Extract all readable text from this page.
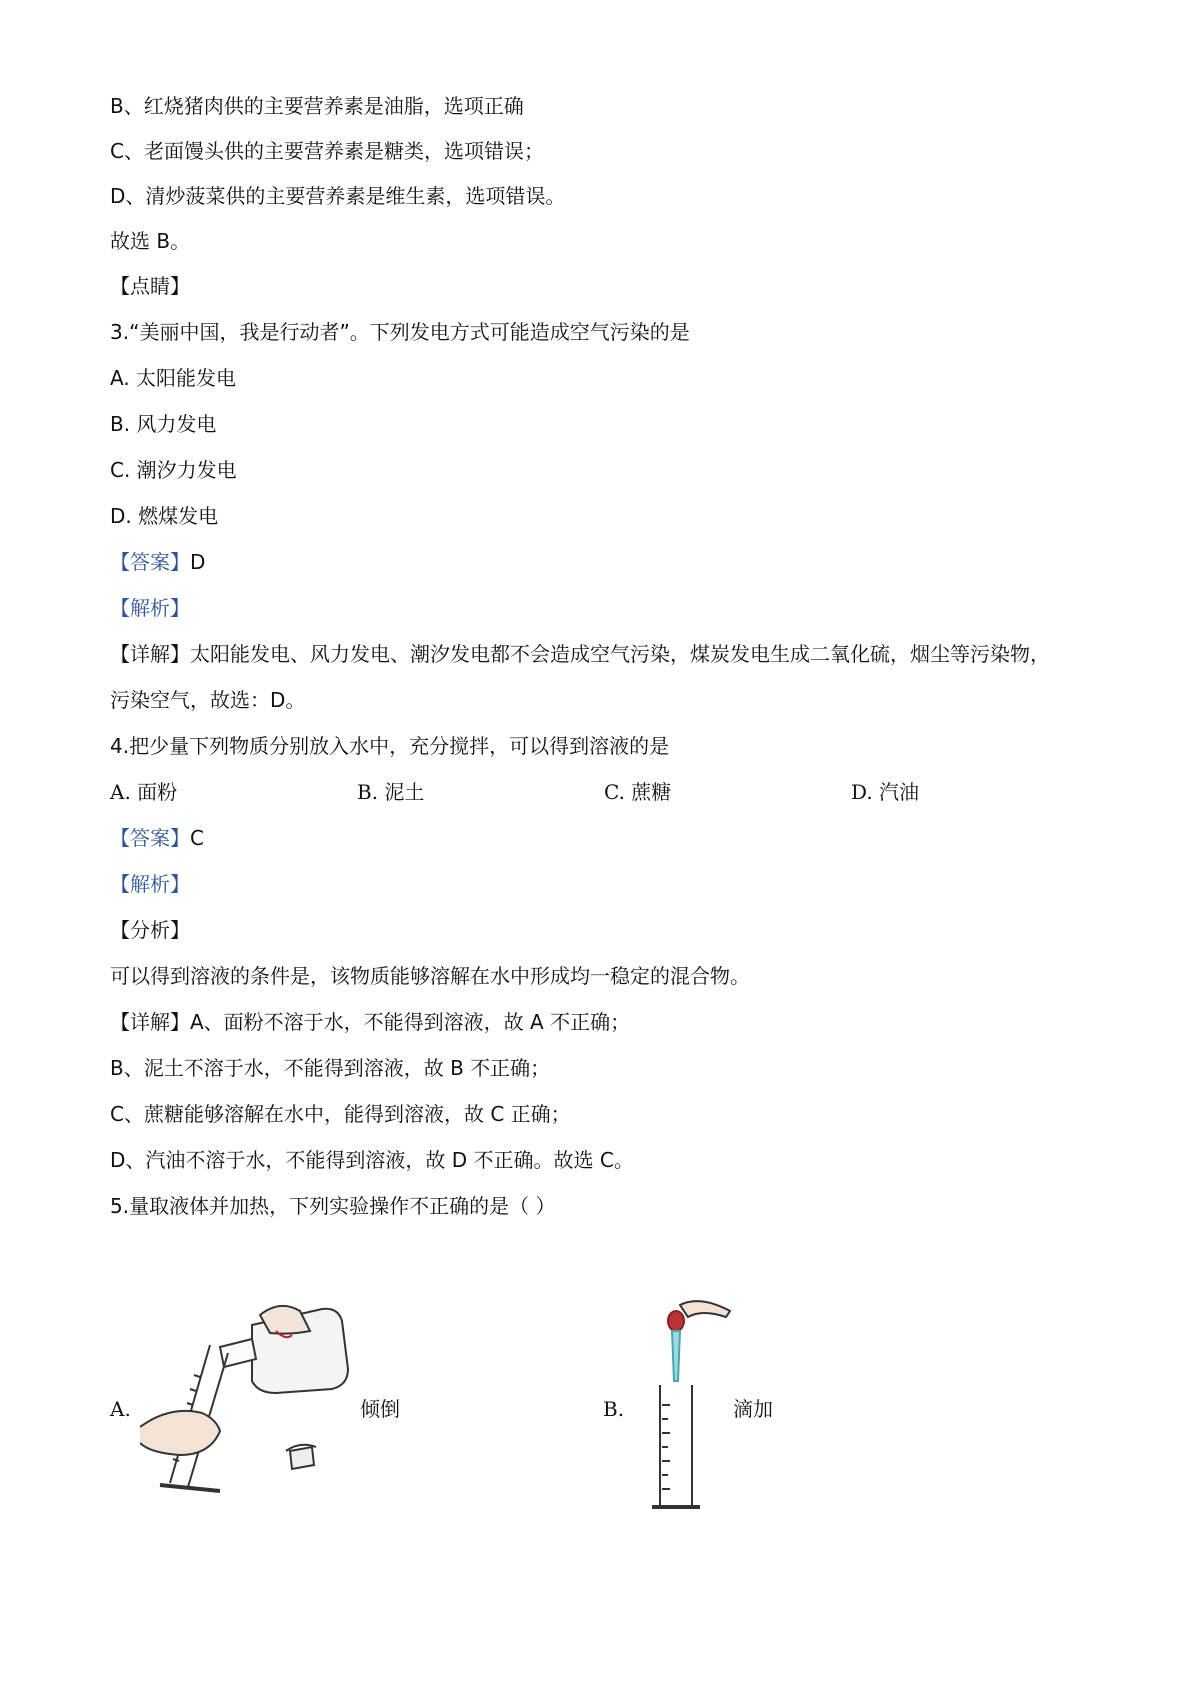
B、红烧猪肉供的主要营养素是油脂，选项正确
C、老面馒头供的主要营养素是糖类，选项错误；
D、清炒菠菜供的主要营养素是维生素，选项错误。
故选 B。
【点睛】
3.“美丽中国，我是行动者”。下列发电方式可能造成空气污染的是
A. 太阳能发电
B. 风力发电
C. 潮汐力发电
D. 燃煤发电
【答案】D
【解析】
【详解】太阳能发电、风力发电、潮汐发电都不会造成空气污染，煤炭发电生成二氧化硫，烟尘等污染物，
污染空气，故选：D。
4.把少量下列物质分别放入水中，充分搅拌，可以得到溶液的是
A. 面粉	B. 泥土	C. 蔗糖	D. 汽油
【答案】C
【解析】
【分析】
可以得到溶液的条件是，该物质能够溶解在水中形成均一稳定的混合物。
【详解】A、面粉不溶于水，不能得到溶液，故 A 不正确；
B、泥土不溶于水，不能得到溶液，故 B 不正确；
C、蔗糖能够溶解在水中，能得到溶液，故 C 正确；
D、汽油不溶于水，不能得到溶液，故 D 不正确。故选 C。
5.量取液体并加热，下列实验操作不正确的是（ ）
A.	倾倒	B.	滴加
